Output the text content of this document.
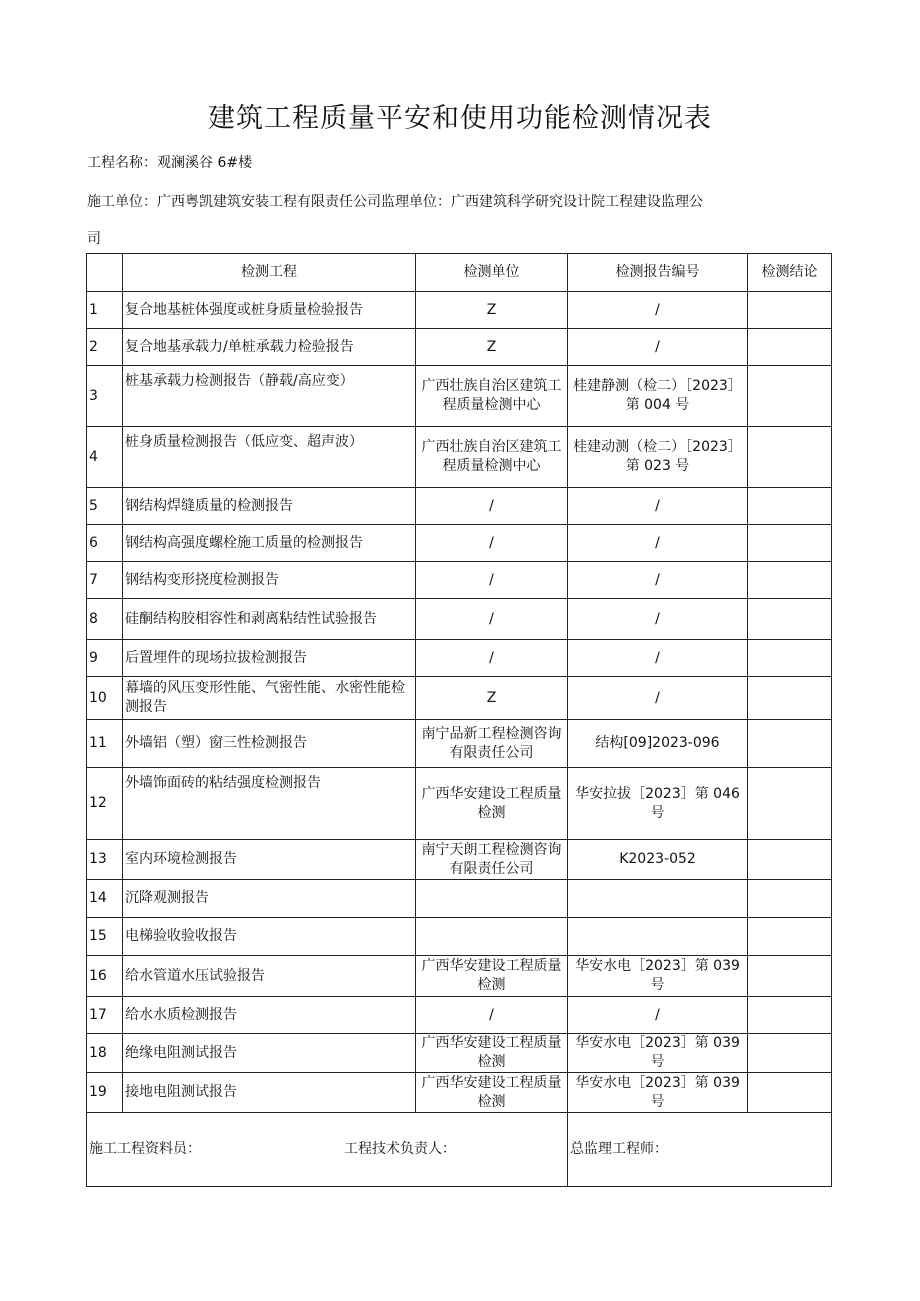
建筑工程质量平安和使用功能检测情况表
工程名称：观澜溪谷 6#楼
施工单位：广西粤凯建筑安装工程有限责任公司监理单位：广西建筑科学研究设计院工程建设监理公
司
	检测工程	检测单位	检测报告编号	检测结论
1	复合地基桩体强度或桩身质量检验报告	Z	/	
2	复合地基承载力/单桩承载力检验报告	Z	/	
3	桩基承载力检测报告（静载/高应变）	广西壮族自治区建筑工程质量检测中心	桂建静测（检二）［2023］第 004 号	
4	桩身质量检测报告（低应变、超声波）	广西壮族自治区建筑工程质量检测中心	桂建动测（检二）［2023］第 023 号	
5	钢结构焊缝质量的检测报告	/	/	
6	钢结构高强度螺栓施工质量的检测报告	/	/	
7	钢结构变形挠度检测报告	/	/	
8	硅酮结构胶相容性和剥离粘结性试验报告	/	/	
9	后置埋件的现场拉拔检测报告	/	/	
10	幕墙的风压变形性能、气密性能、水密性能检测报告	Z	/	
11	外墙铝（塑）窗三性检测报告	南宁品新工程检测咨询有限责任公司	结构[09]2023-096	
12	外墙饰面砖的粘结强度检测报告	广西华安建设工程质量检测	华安拉拔［2023］第 046 号	
13	室内环境检测报告	南宁天朗工程检测咨询有限责任公司	K2023-052	
14	沉降观测报告			
15	电梯验收验收报告			
16	给水管道水压试验报告	广西华安建设工程质量检测	华安水电［2023］第 039 号	
17	给水水质检测报告	/	/	
18	绝缘电阻测试报告	广西华安建设工程质量检测	华安水电［2023］第 039 号	
19	接地电阻测试报告	广西华安建设工程质量检测	华安水电［2023］第 039 号	
施工工程资料员： 工程技术负责人：			总监理工程师：	
